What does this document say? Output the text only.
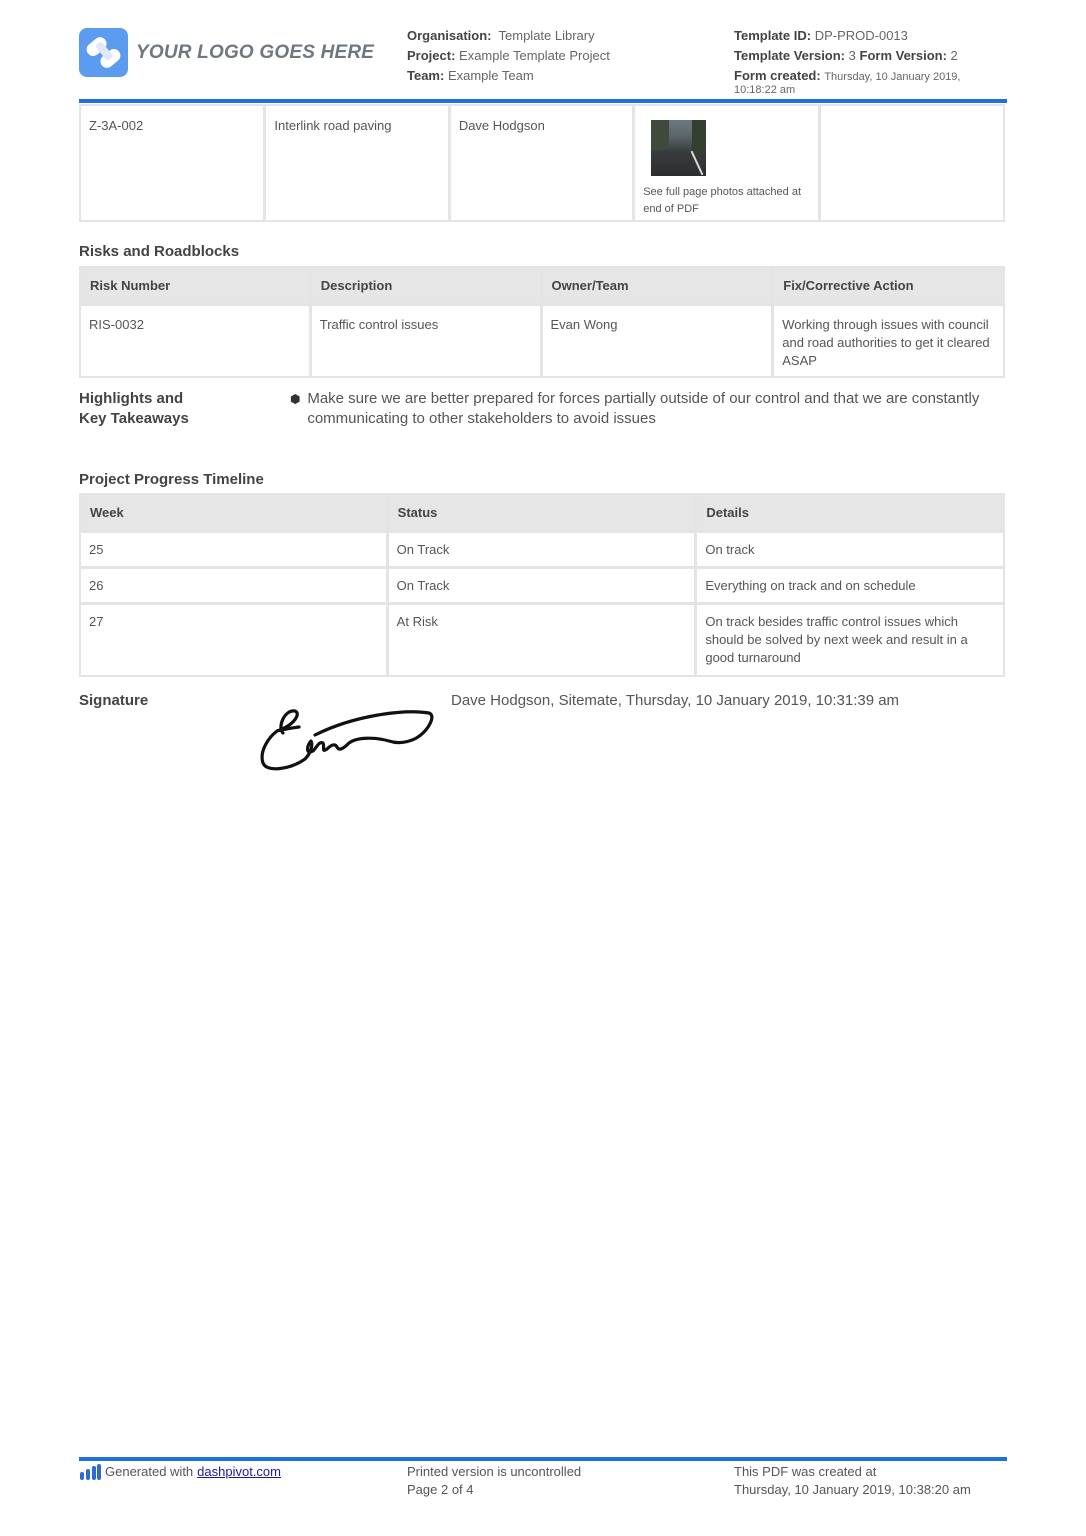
YOUR LOGO GOES HERE
Organisation: Template Library
Project: Example Template Project
Team: Example Team
Template ID: DP-PROD-0013
Template Version: 3 Form Version: 2
Form created: Thursday, 10 January 2019,
10:18:22 am
Z-3A-002	Interlink road paving	Dave Hodgson
See full page photos attached at end of PDF
Risks and Roadblocks
Risk Number	Description	Owner/Team	Fix/Corrective Action
RIS-0032	Traffic control issues	Evan Wong	Working through issues with council and road authorities to get it cleared ASAP
Highlights and Key Takeaways
⬢ Make sure we are better prepared for forces partially outside of our control and that we are constantly communicating to other stakeholders to avoid issues
Project Progress Timeline
Week	Status	Details
25	On Track	On track
26	On Track	Everything on track and on schedule
27	At Risk	On track besides traffic control issues which should be solved by next week and result in a good turnaround
Signature	Dave Hodgson, Sitemate, Thursday, 10 January 2019, 10:31:39 am
Generated with dashpivot.com	Printed version is uncontrolled
Page 2 of 4
This PDF was created at
Thursday, 10 January 2019, 10:38:20 am
